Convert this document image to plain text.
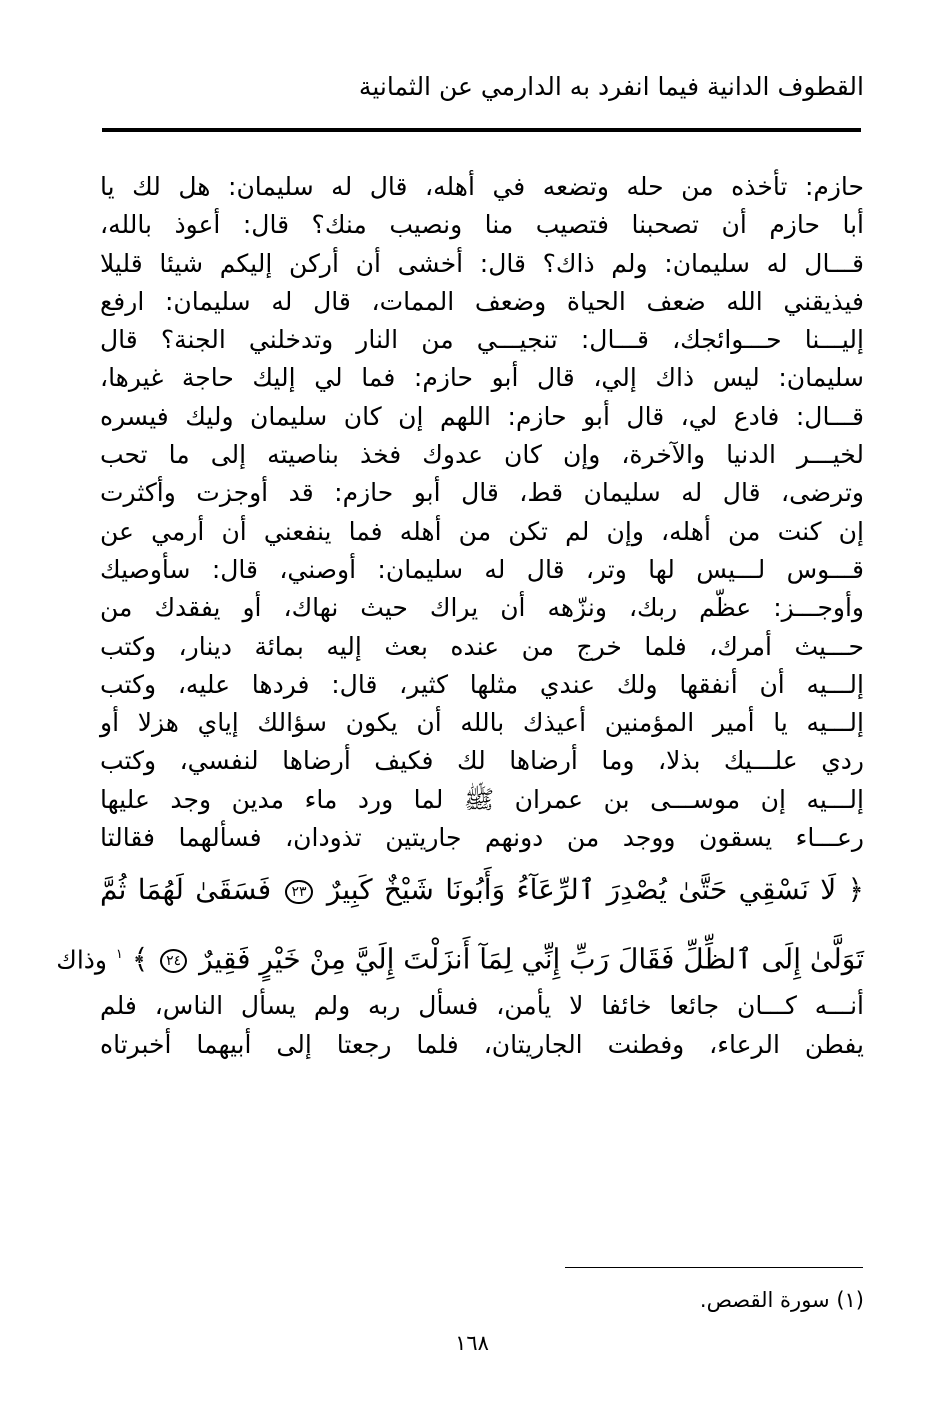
القطوف الدانية فيما انفرد به الدارمي عن الثمانية
حازم: تأخذه من حله وتضعه في أهله، قال له سليمان: هل لك يا
أبا حازم أن تصحبنا فتصيب منا ونصيب منك؟ قال: أعوذ بالله،
قـــال له سليمان: ولم ذاك؟ قال: أخشى أن أركن إليكم شيئا قليلا
فيذيقني الله ضعف الحياة وضعف الممات، قال له سليمان: ارفع
إليـــنا حـــوائجك، قـــال: تنجيـــي من النار وتدخلني الجنة؟ قال
سليمان: ليس ذاك إلي، قال أبو حازم: فما لي إليك حاجة غيرها،
قـــال: فادع لي، قال أبو حازم: اللهم إن كان سليمان وليك فيسره
لخيـــر الدنيا والآخرة، وإن كان عدوك فخذ بناصيته إلى ما تحب
وترضى، قال له سليمان قط، قال أبو حازم: قد أوجزت وأكثرت
إن كنت من أهله، وإن لم تكن من أهله فما ينفعني أن أرمي عن
قـــوس لـــيس لها وتر، قال له سليمان: أوصني، قال: سأوصيك
وأوجـــز: عظّم ربك، ونزّهه أن يراك حيث نهاك، أو يفقدك من
حـــيث أمرك، فلما خرج من عنده بعث إليه بمائة دينار، وكتب
إلـــيه أن أنفقها ولك عندي مثلها كثير، قال: فردها عليه، وكتب
إلـــيه يا أمير المؤمنين أعيذك بالله أن يكون سؤالك إياي هزلا أو
ردي علـــيك بذلا، وما أرضاها لك فكيف أرضاها لنفسي، وكتب
إلـــيه إن موســـى بن عمران ﷺ لما ورد ماء مدين وجد عليها
رعـــاء يسقون ووجد من دونهم جاريتين تذودان، فسألهما فقالتا
﴿ لَا نَسْقِي حَتَّىٰ يُصْدِرَ ٱلرِّعَآءُ وَأَبُونَا شَيْخٌ كَبِيرٌ ٢٣ فَسَقَىٰ لَهُمَا ثُمَّ
تَوَلَّىٰ إِلَى ٱلظِّلِّ فَقَالَ رَبِّ إِنِّي لِمَآ أَنزَلْتَ إِلَيَّ مِنْ خَيْرٍ فَقِيرٌ ٢٤ ﴾ $^١$ وذاك
أنـــه كـــان جائعا خائفا لا يأمن، فسأل ربه ولم يسأل الناس، فلم
يفطن الرعاء، وفطنت الجاريتان، فلما رجعتا إلى أبيهما أخبرتاه
(١) سورة القصص.
١٦٨
